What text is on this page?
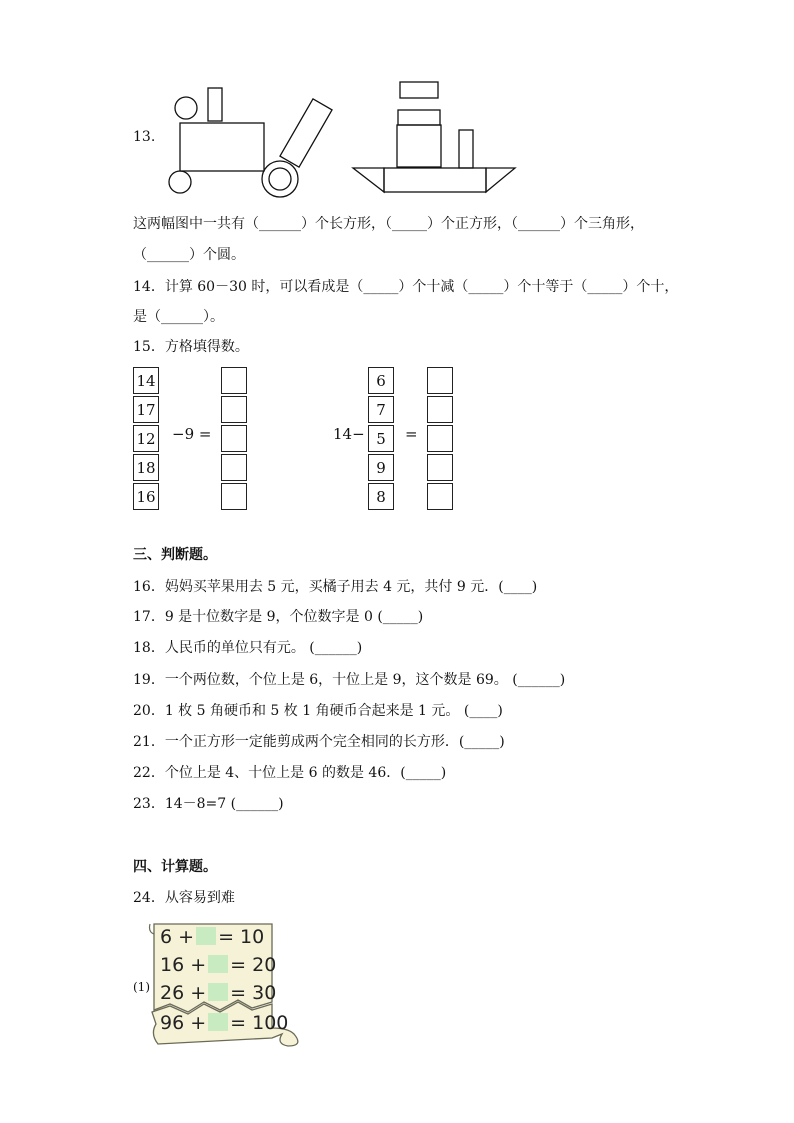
13.
这两幅图中一共有（______）个长方形，（_____）个正方形，（______）个三角形，
（______）个圆。
14．计算 60－30 时，可以看成是（_____）个十减（_____）个十等于（_____）个十，
是（______）。
15．方格填得数。
14
17
12
18
16
−9 =	14−
6
7
5
9
8
=
三、判断题。
16．妈妈买苹果用去 5 元，买橘子用去 4 元，共付 9 元．(____)
17．9 是十位数字是 9，个位数字是 0 (_____)
18．人民币的单位只有元。 (______)
19．一个两位数，个位上是 6，十位上是 9，这个数是 69。 (______)
20．1 枚 5 角硬币和 5 枚 1 角硬币合起来是 1 元。 (____)
21．一个正方形一定能剪成两个完全相同的长方形．(_____)
22．个位上是 4、十位上是 6 的数是 46．(_____)
23．14－8=7 (______)
四、计算题。
24．从容易到难
(1)
6 + = 10
16 + = 20
26 + = 30
96 + = 100
